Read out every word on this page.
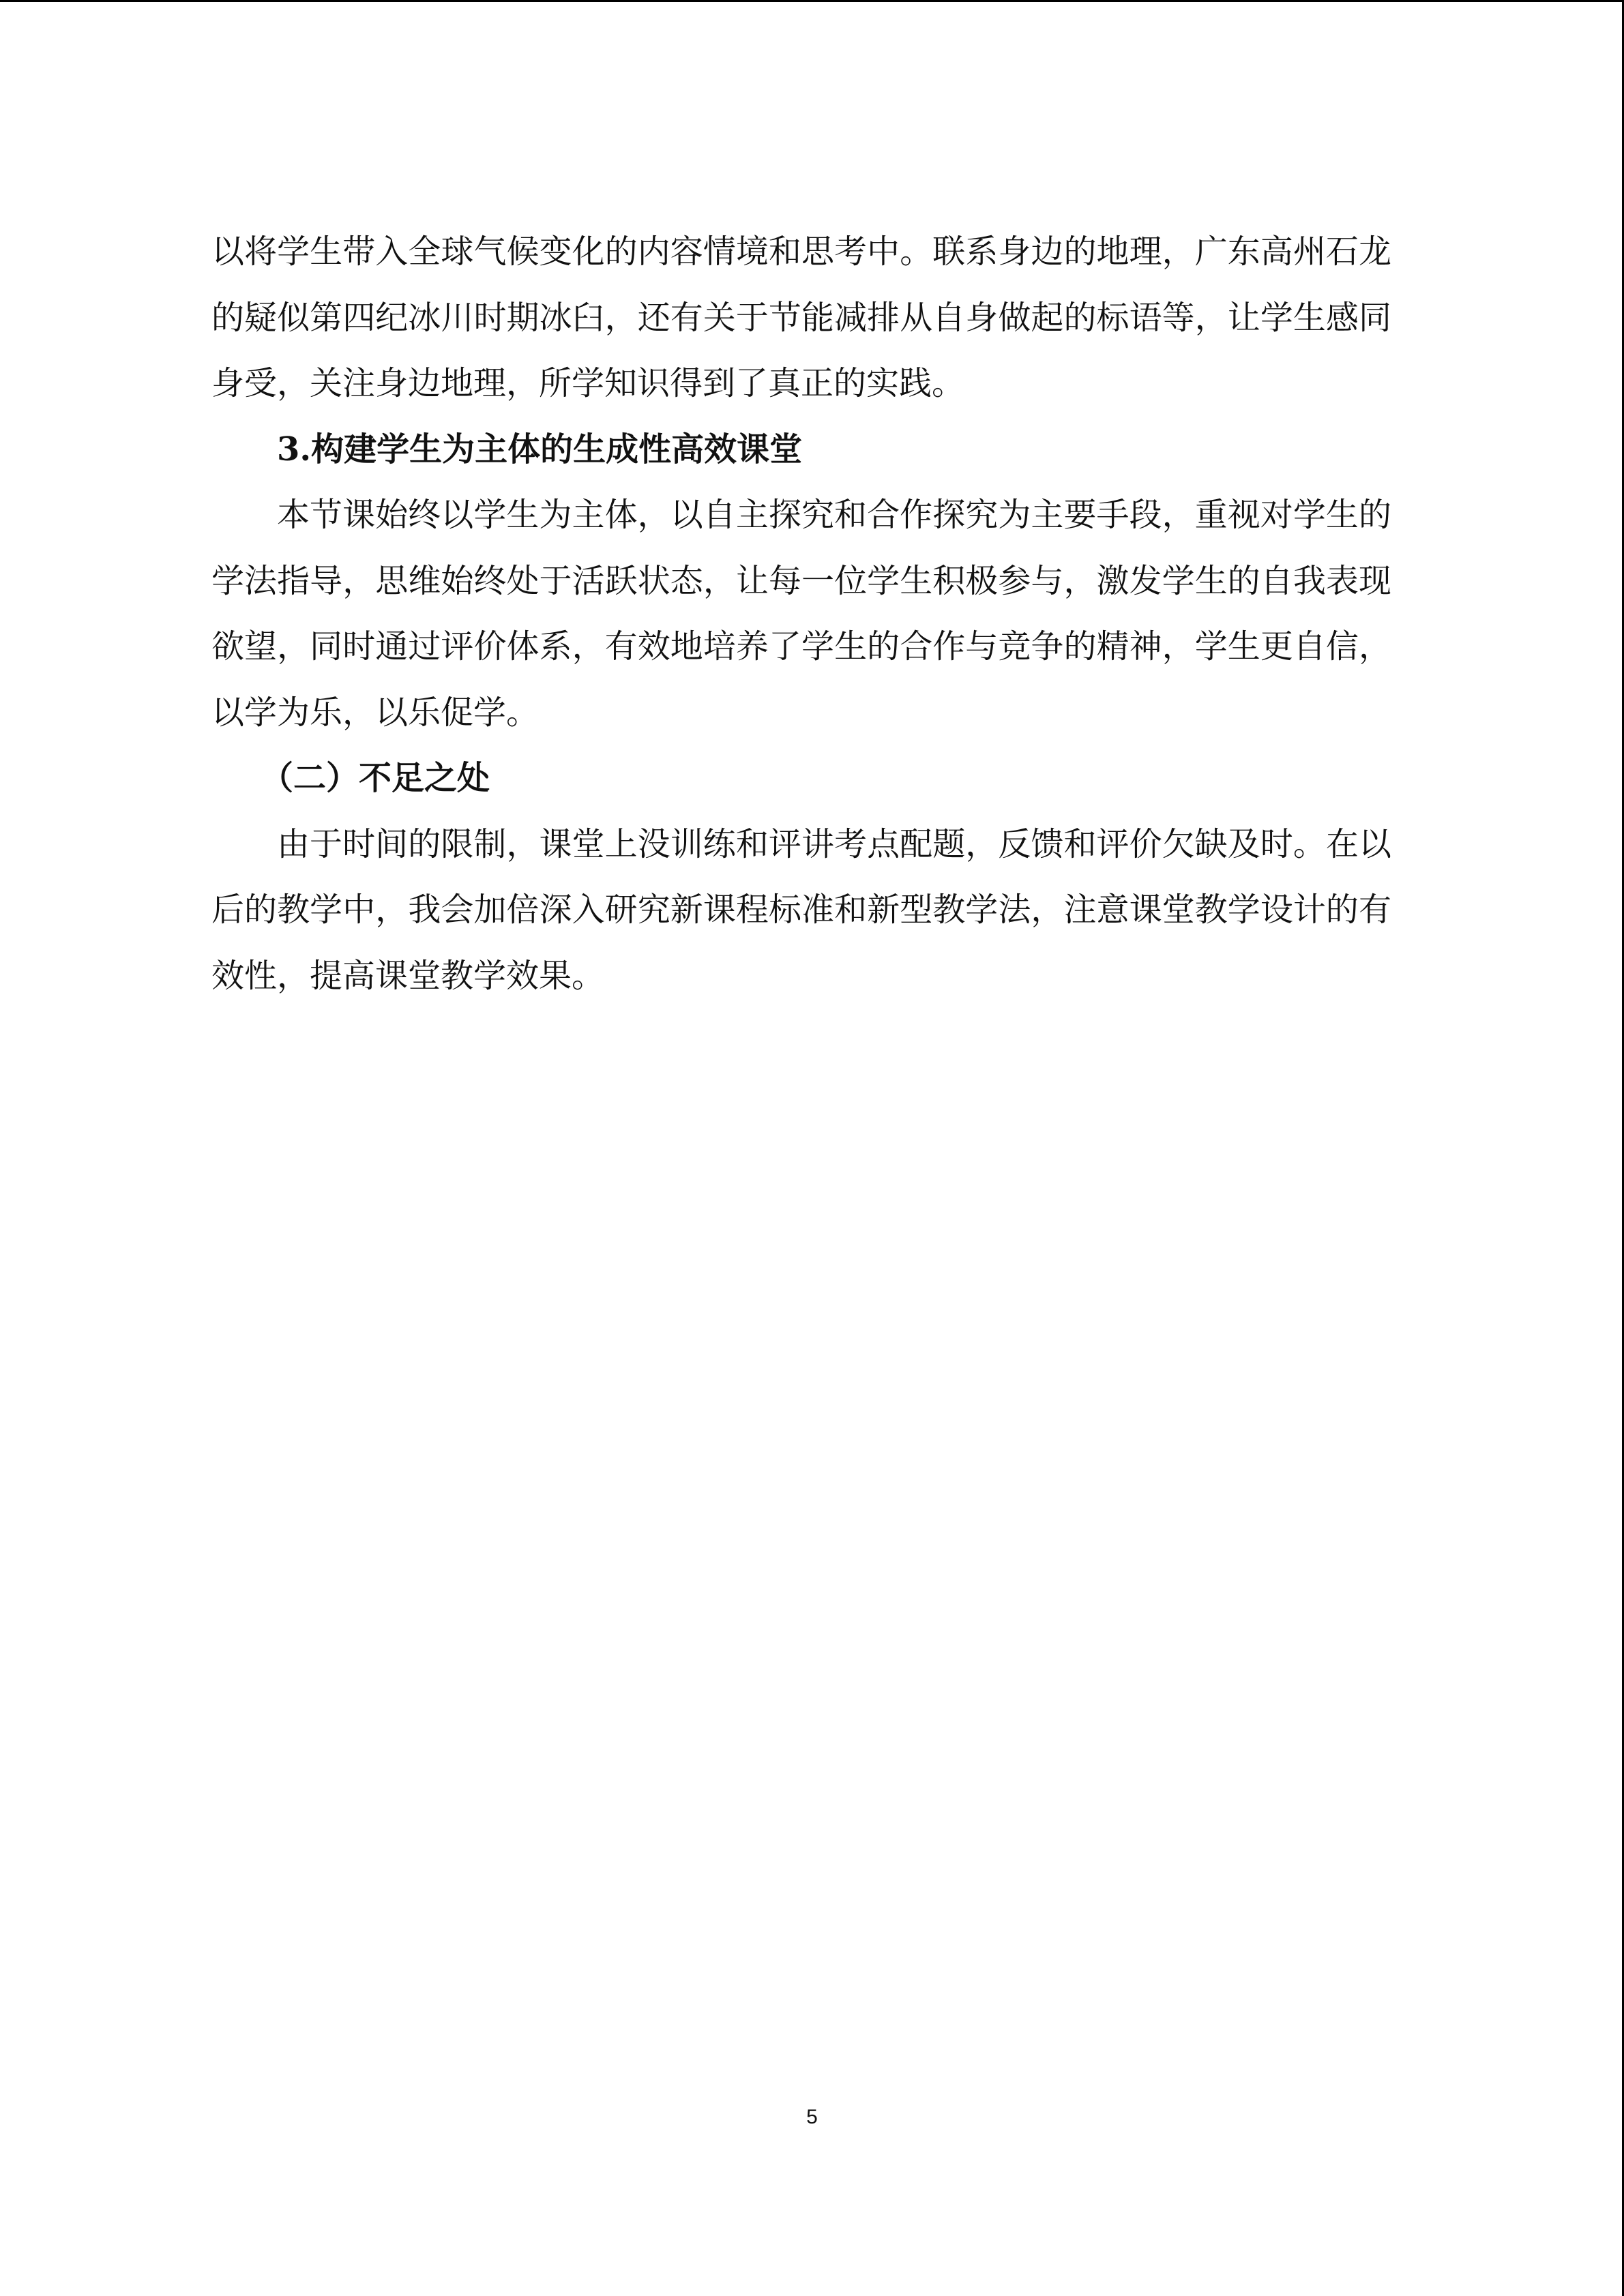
以将学生带入全球气候变化的内容情境和思考中。联系身边的地理，广东高州石龙的疑似第四纪冰川时期冰臼，还有关于节能减排从自身做起的标语等，让学生感同身受，关注身边地理，所学知识得到了真正的实践。

3.构建学生为主体的生成性高效课堂

本节课始终以学生为主体，以自主探究和合作探究为主要手段，重视对学生的学法指导，思维始终处于活跃状态，让每一位学生积极参与，激发学生的自我表现欲望，同时通过评价体系，有效地培养了学生的合作与竞争的精神，学生更自信，以学为乐，以乐促学。

（二）不足之处

由于时间的限制，课堂上没训练和评讲考点配题，反馈和评价欠缺及时。在以后的教学中，我会加倍深入研究新课程标准和新型教学法，注意课堂教学设计的有效性，提高课堂教学效果。

5
